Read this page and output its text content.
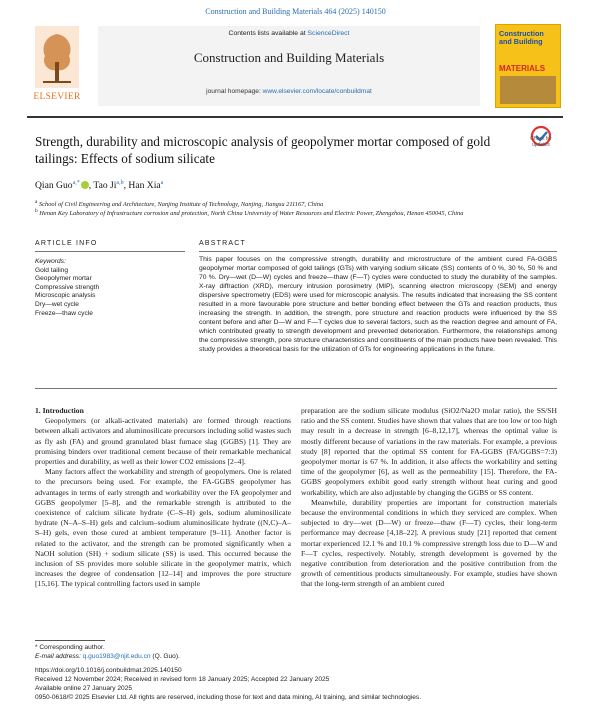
Construction and Building Materials 464 (2025) 140150
ELSEVIER
Contents lists available at ScienceDirect
Construction and Building Materials
journal homepage: www.elsevier.com/locate/conbuildmat
Construction
and Building
MATERIALS
Strength, durability and microscopic analysis of geopolymer mortar composed of gold tailings: Effects of sodium silicate
Check for updates
Qian Guo$^{a,*}$ , Tao Ji$^{a,b}$, Han Xia$^a$
$^a$ School of Civil Engineering and Architecture, Nanjing Institute of Technology, Nanjing, Jiangsu 211167, China
$^b$ Henan Key Laboratory of Infrastructure corrosion and protection, North China University of Water Resources and Electric Power, Zhengzhou, Henan 450045, China
ARTICLE INFO	ABSTRACT
Keywords:
Gold tailing
Geopolymer mortar
Compressive strength
Microscopic analysis
Dry—wet cycle
Freeze—thaw cycle
This paper focuses on the compressive strength, durability and microstructure of the ambient cured FA-GGBS geopolymer mortar composed of gold tailings (GTs) with varying sodium silicate (SS) contents of 0 %, 30 %, 50 % and 70 %. Dry—wet (D—W) cycles and freeze—thaw (F—T) cycles were conducted to study the durability of the samples. X-ray diffraction (XRD), mercury intrusion porosimetry (MIP), scanning electron microscopy (SEM) and energy dispersive spectrometry (EDS) were used for microscopic analysis. The results indicated that increasing the SS content resulted in a more favourable pore structure and better bonding effect between the GTs and reaction products, thus increasing the strength. In addition, the strength, pore structure and reaction products were influenced by the SS content before and after D—W and F—T cycles due to several factors, such as the reaction degree and amount of FA, which contributed greatly to strength development and prevented deterioration. Furthermore, the relationships among the compressive strength, pore structure characteristics and constituents of the main products have been revealed. This study provides a theoretical basis for the utilization of GTs for engineering applications in the future.

1. Introduction

Geopolymers (or alkali-activated materials) are formed through reactions between alkali activators and aluminosilicate precursors including solid wastes such as fly ash (FA) and ground granulated blast furnace slag (GGBS) [1]. They are promising binders over traditional cement because of their remarkable mechanical properties and durability, as well as their lower CO2 emissions [2–4].

Many factors affect the workability and strength of geopolymers. One is related to the precursors being used. For example, the FA-GGBS geopolymer has advantages in terms of early strength and workability over the FA geopolymer and GGBS geopolymer [5–8], and the remarkable strength is attributed to the coexistence of calcium silicate hydrate (C–S–H) gels, sodium aluminosilicate hydrate (N–A–S–H) gels and calcium–sodium aluminosilicate hydrate ((N,C)–A–S–H) gels, even those cured at ambient temperature [9–11]. Another factor is related to the activator, and the strength can be promoted significantly when a NaOH solution (SH) + sodium silicate (SS) is used. This occurred because the inclusion of SS provides more soluble silicate in the geopolymer matrix, which increases the degree of condensation [12–14] and improves the pore structure [15,16]. The typical controlling factors used in sample

preparation are the sodium silicate modulus (SiO2/Na2O molar ratio), the SS/SH ratio and the SS content. Studies have shown that values that are too low or too high may result in a decrease in strength [6–8,12,17], whereas the optimal value is mostly different because of variations in the raw materials. For example, a previous study [8] reported that the optimal SS content for FA-GGBS (FA/GGBS=7:3) geopolymer mortar is 67 %. In addition, it also affects the workability and setting time of the geopolymer [6], as well as the permeability [15]. Therefore, the FA-GGBS geopolymers exhibit good early strength without heat curing and good workability, which are also adjustable by changing the GGBS or SS content.

Meanwhile, durability properties are important for construction materials because the environmental conditions in which they serviced are complex. When subjected to dry—wet (D—W) or freeze—thaw (F—T) cycles, their long-term performance may decrease [4,18–22]. A previous study [21] reported that cement mortar experienced 12.1 % and 10.1 % compressive strength loss due to D—W and F—T cycles, respectively. Notably, strength development is governed by the negative contribution from deterioration and the positive contribution from the growth of cementitious products simultaneously. For example, studies have shown that the long-term strength of an ambient cured

* Corresponding author.
E-mail address: q.guo1983@njit.edu.cn (Q. Guo).
https://doi.org/10.1016/j.conbuildmat.2025.140150
Received 12 November 2024; Received in revised form 18 January 2025; Accepted 22 January 2025
Available online 27 January 2025
0950-0618/© 2025 Elsevier Ltd. All rights are reserved, including those for text and data mining, AI training, and similar technologies.
